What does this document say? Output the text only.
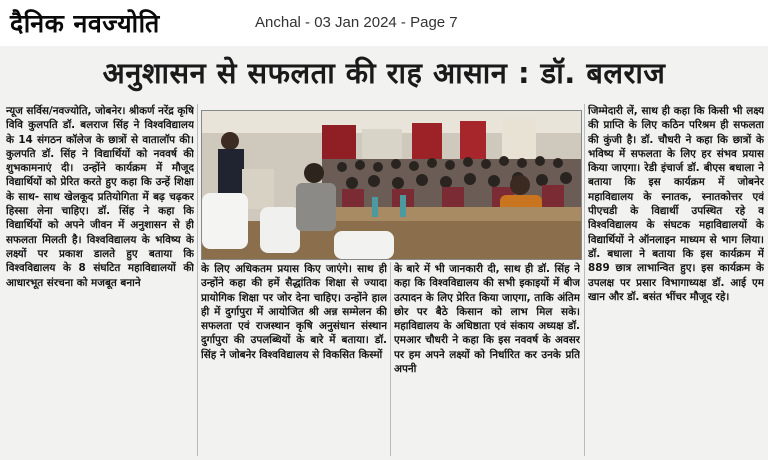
दैनिक नवज्योति	Anchal - 03 Jan 2024 - Page 7
अनुशासन से सफलता की राह आसान : डॉ. बलराज
न्यूज सर्विस/नवज्योति, जोबनेर। श्रीकर्ण नरेंद्र कृषि विवि कुलपति डॉ. बलराज सिंह ने विश्वविद्यालय के 14 संगठन कॉलेज के छात्रों से वातालॉप की। कुलपति डॉ. सिंह ने विद्यार्थियों को नववर्ष की शुभकामनाएं दी। उन्होंने कार्यक्रम में मौजूद विद्यार्थियों को प्रेरित करते हुए कहा कि उन्हें शिक्षा के साथ- साथ खेलकूद प्रतियोगिता में बढ़ चढ़कर हिस्सा लेना चाहिए। डॉ. सिंह ने कहा कि विद्यार्थियों को अपने जीवन में अनुशासन से ही सफलता मिलती है। विश्वविद्यालय के भविष्य के लक्ष्यों पर प्रकाश डालते हुए बताया कि विश्वविद्यालय के 8 संघटित महाविद्यालयों की आधारभूत संरचना को मजबूत बनाने
के लिए अधिकतम प्रयास किए जाएंगे। साथ ही उन्होंने कहा की हमें सैद्धांतिक शिक्षा से ज्यादा प्रायोगिक शिक्षा पर जोर देना चाहिए। उन्होंने हाल ही में दुर्गापुरा में आयोजित श्री अन्न सम्मेलन की सफलता एवं राजस्थान कृषि अनुसंधान संस्थान दुर्गापुरा की उपलब्धियों के बारे में बताया। डॉ. सिंह ने जोबनेर विश्वविद्यालय से विकसित किस्मों
के बारे में भी जानकारी दी, साथ ही डॉ. सिंह ने कहा कि विश्वविद्यालय की सभी इकाइयों में बीज उत्पादन के लिए प्रेरित किया जाएगा, ताकि अंतिम छोर पर बैठे किसान को लाभ मिल सके। महाविद्यालय के अधिष्ठाता एवं संकाय अध्यक्ष डॉ. एमआर चौधरी ने कहा कि इस नववर्ष के अवसर पर हम अपने लक्ष्यों को निर्धारित कर उनके प्रति अपनी
जिम्मेदारी लें, साथ ही कहा कि किसी भी लक्ष्य की प्राप्ति के लिए कठिन परिश्रम ही सफलता की कुंजी है। डॉ. चौधरी ने कहा कि छात्रों के भविष्य में सफलता के लिए हर संभव प्रयास किया जाएगा। रेडी इंचार्ज डॉ. बीएस बधाला ने बताया कि इस कार्यक्रम में जोबनेर महाविद्यालय के स्नातक, स्नातकोत्तर एवं पीएचडी के विद्यार्थी उपस्थित रहे व विश्वविद्यालय के संघटक महाविद्यालयों के विद्यार्थियों ने ऑनलाइन माध्यम से भाग लिया। डॉ. बधाला ने बताया कि इस कार्यक्रम में 889 छात्र लाभान्वित हुए। इस कार्यक्रम के उपलक्ष पर प्रसार विभागाध्यक्ष डॉ. आई एम खान और डॉ. बसंत भींचर मौजूद रहे।
